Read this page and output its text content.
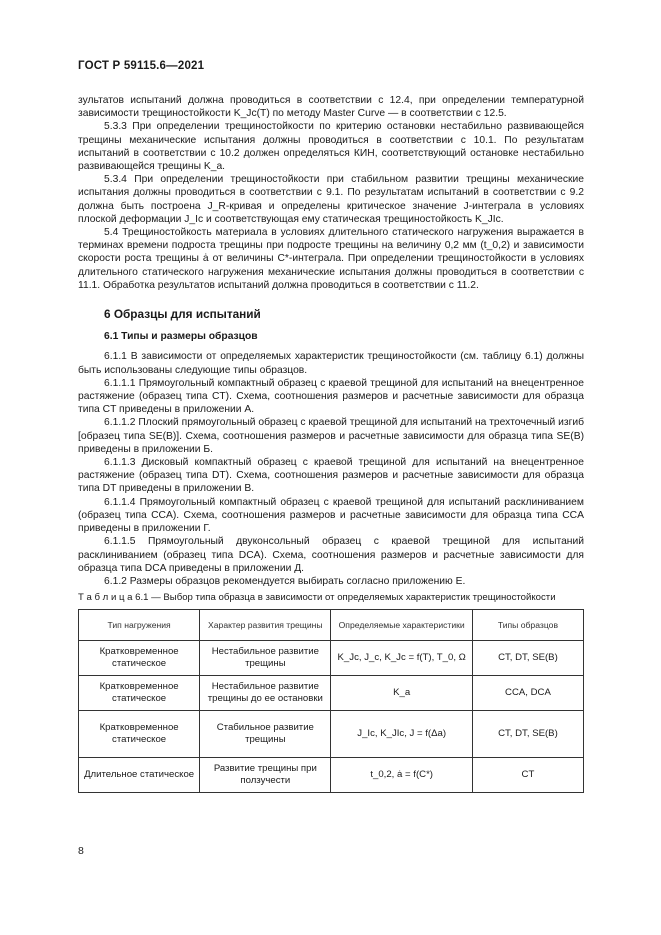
ГОСТ Р 59115.6—2021

зультатов испытаний должна проводиться в соответствии с 12.4, при определении температурной зависимости трещиностойкости K_Jc(T) по методу Master Curve — в соответствии с 12.5.

5.3.3 При определении трещиностойкости по критерию остановки нестабильно развивающейся трещины механические испытания должны проводиться в соответствии с 10.1. По результатам испытаний в соответствии с 10.2 должен определяться КИН, соответствующий остановке нестабильно развивающейся трещины K_a.

5.3.4 При определении трещиностойкости при стабильном развитии трещины механические испытания должны проводиться в соответствии с 9.1. По результатам испытаний в соответствии с 9.2 должна быть построена J_R-кривая и определены критическое значение J-интеграла в условиях плоской деформации J_Ic и соответствующая ему статическая трещиностойкость K_JIc.

5.4 Трещиностойкость материала в условиях длительного статического нагружения выражается в терминах времени подроста трещины при подросте трещины на величину 0,2 мм (t_0,2) и зависимости скорости роста трещины ȧ от величины C*-интеграла. При определении трещиностойкости в условиях длительного статического нагружения механические испытания должны проводиться в соответствии с 11.1. Обработка результатов испытаний должна проводиться в соответствии с 11.2.

6 Образцы для испытаний
6.1 Типы и размеры образцов

6.1.1 В зависимости от определяемых характеристик трещиностойкости (см. таблицу 6.1) должны быть использованы следующие типы образцов.

6.1.1.1 Прямоугольный компактный образец с краевой трещиной для испытаний на внецентренное растяжение (образец типа CT). Схема, соотношения размеров и расчетные зависимости для образца типа CT приведены в приложении А.

6.1.1.2 Плоский прямоугольный образец с краевой трещиной для испытаний на трехточечный изгиб [образец типа SE(B)]. Схема, соотношения размеров и расчетные зависимости для образца типа SE(B) приведены в приложении Б.

6.1.1.3 Дисковый компактный образец с краевой трещиной для испытаний на внецентренное растяжение (образец типа DT). Схема, соотношения размеров и расчетные зависимости для образца типа DT приведены в приложении В.

6.1.1.4 Прямоугольный компактный образец с краевой трещиной для испытаний расклиниванием (образец типа CCA). Схема, соотношения размеров и расчетные зависимости для образца типа CCA приведены в приложении Г.

6.1.1.5 Прямоугольный двуконсольный образец с краевой трещиной для испытаний расклиниванием (образец типа DCA). Схема, соотношения размеров и расчетные зависимости для образца типа DCA приведены в приложении Д.

6.1.2 Размеры образцов рекомендуется выбирать согласно приложению Е.

Т а б л и ц а 6.1 — Выбор типа образца в зависимости от определяемых характеристик трещиностойкости
Тип нагружения	Характер развития трещины	Определяемые характеристики	Типы образцов
Кратковременное статическое	Нестабильное развитие трещины	K_Jc, J_c, K_Jc = f(T), T_0, Ω	CT, DT, SE(B)
Кратковременное статическое	Нестабильное развитие трещины до ее остановки	K_a	CCA, DCA
Кратковременное статическое	Стабильное развитие трещины	J_Ic, K_JIc, J = f(Δa)	CT, DT, SE(B)
Длительное статическое	Развитие трещины при ползучести	t_0,2, ȧ = f(C*)	CT
8
